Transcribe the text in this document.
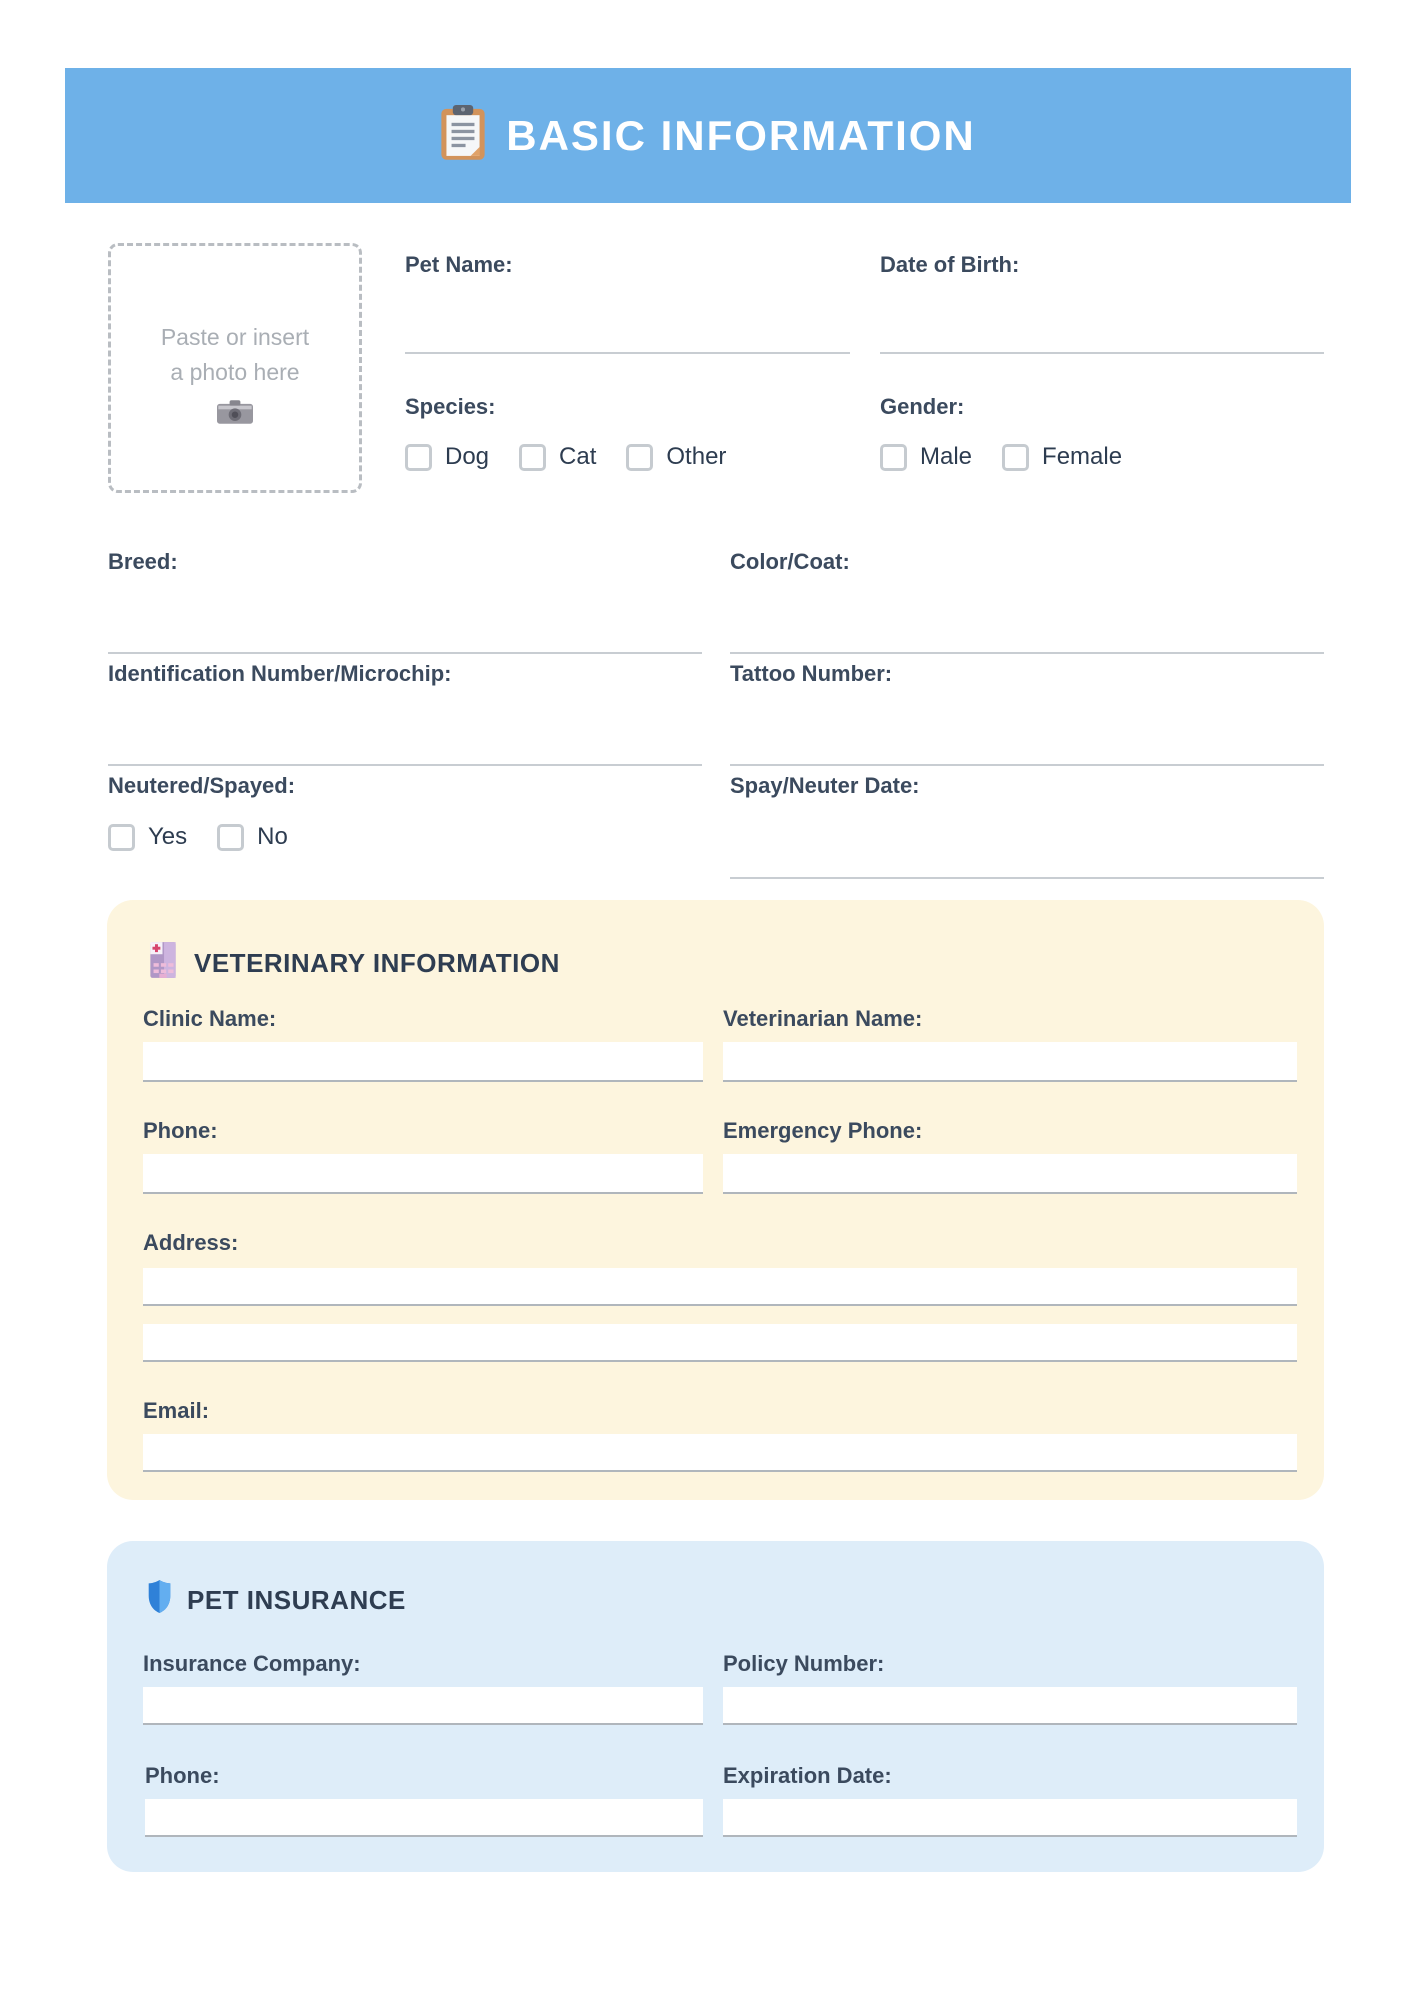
BASIC INFORMATION
Paste or insert
a photo here
Pet Name:	Date of Birth:
Species:
Dog	Cat	Other
Gender:
Male	Female
Breed:	Color/Coat:
Identification Number/Microchip:	Tattoo Number:
Neutered/Spayed:
Yes	No
Spay/Neuter Date:
VETERINARY INFORMATION
Clinic Name:	Veterinarian Name:
Phone:	Emergency Phone:
Address:
Email:
PET INSURANCE
Insurance Company:	Policy Number:
Phone:	Expiration Date:
